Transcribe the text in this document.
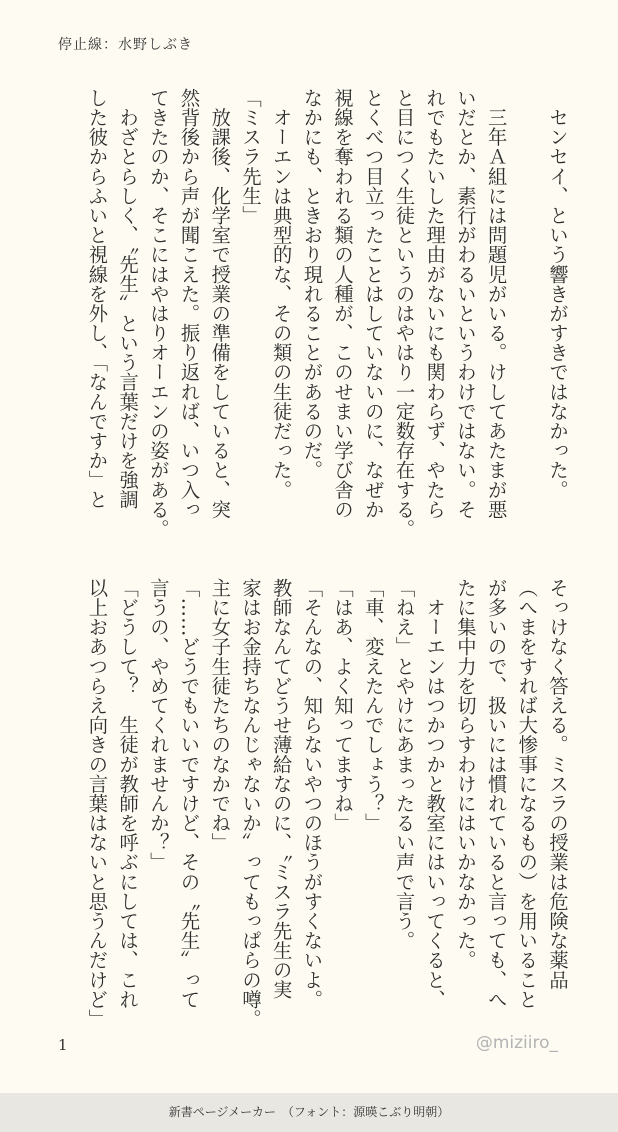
停止線：水野しぶき
　センセイ、という響きがすきではなかった。

　三年Ａ組には問題児がいる。けしてあたまが悪
いだとか、素行がわるいというわけではない。そ
れでもたいした理由がないにも関わらず、やたら
と目につく生徒というのはやはり一定数存在する。
とくべつ目立ったことはしていないのに、なぜか
視線を奪われる類の人種が、このせまい学び舎の
なかにも、ときおり現れることがあるのだ。
　オーエンは典型的な、その類の生徒だった。
「ミスラ先生」
　放課後、化学室で授業の準備をしていると、突
然背後から声が聞こえた。振り返れば、いつ入っ
てきたのか、そこにはやはりオーエンの姿がある。
　わざとらしく、〝先生〟という言葉だけを強調
した彼からふいと視線を外し、「なんですか」と
そっけなく答える。ミスラの授業は危険な薬品
（へまをすれば大惨事になるもの）を用いること
が多いので、扱いには慣れていると言っても、へ
たに集中力を切らすわけにはいかなかった。
　オーエンはつかつかと教室にはいってくると、
「ねえ」とやけにあまったるい声で言う。
「車、変えたんでしょう？」
「はあ、よく知ってますね」
「そんなの、知らないやつのほうがすくないよ。
教師なんてどうせ薄給なのに、〝ミスラ先生の実
家はお金持ちなんじゃないか〟ってもっぱらの噂。
主に女子生徒たちのなかでね」
「……どうでもいいですけど、その〝先生〟って
言うの、やめてくれませんか？」
「どうして？　生徒が教師を呼ぶにしては、これ
以上おあつらえ向きの言葉はないと思うんだけど」
1	@miziiro_
新書ページメーカー　（フォント：源暎こぶり明朝）
